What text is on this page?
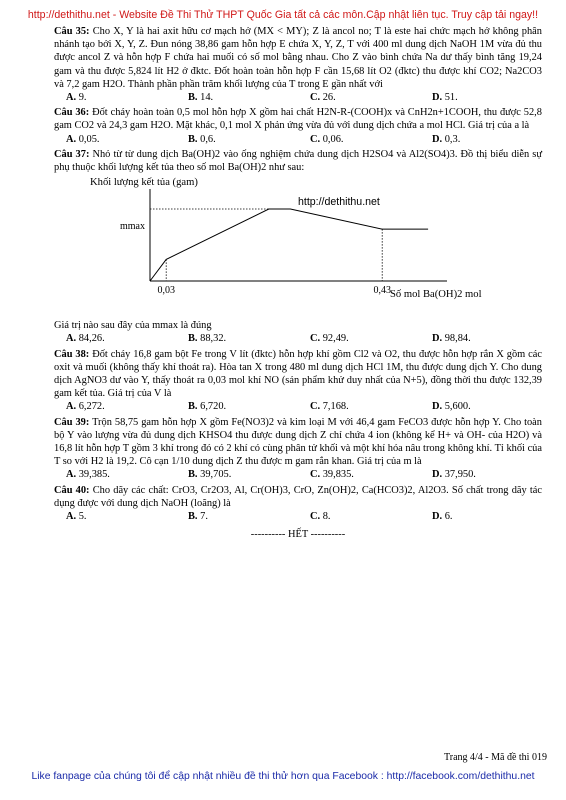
http://dethithu.net - Website Đề Thi Thử THPT Quốc Gia tất cả các môn.Cập nhật liên tục. Truy cập tải ngay!!

Câu 35: Cho X, Y là hai axit hữu cơ mạch hở (MX < MY); Z là ancol no; T là este hai chức mạch hở không phân nhánh tạo bởi X, Y, Z. Đun nóng 38,86 gam hỗn hợp E chứa X, Y, Z, T với 400 ml dung dịch NaOH 1M vừa đủ thu được ancol Z và hỗn hợp F chứa hai muối có số mol bằng nhau. Cho Z vào bình chứa Na dư thấy bình tăng 19,24 gam và thu được 5,824 lít H2 ở đktc. Đốt hoàn toàn hỗn hợp F cần 15,68 lít O2 (đktc) thu được khí CO2; Na2CO3 và 7,2 gam H2O. Thành phần phần trăm khối lượng của T trong E gần nhất với

A. 9.	B. 14.	C. 26.	D. 51.

Câu 36: Đốt cháy hoàn toàn 0,5 mol hỗn hợp X gồm hai chất H2N-R-(COOH)x và CnH2n+1COOH, thu được 52,8 gam CO2 và 24,3 gam H2O. Mặt khác, 0,1 mol X phản ứng vừa đủ với dung dịch chứa a mol HCl. Giá trị của a là

A. 0,05.	B. 0,6.	C. 0,06.	D. 0,3.

Câu 37: Nhỏ từ từ dung dịch Ba(OH)2 vào ống nghiệm chứa dung dịch H2SO4 và Al2(SO4)3. Đồ thị biểu diễn sự phụ thuộc khối lượng kết tủa theo số mol Ba(OH)2 như sau:

Khối lượng kết tủa (gam)
http://dethithu.net
mmax
0,03	0,43 Số mol Ba(OH)2 mol

Giá trị nào sau đây của mmax là đúng

A. 84,26.	B. 88,32.	C. 92,49.	D. 98,84.

Câu 38: Đốt cháy 16,8 gam bột Fe trong V lít (đktc) hỗn hợp khí gồm Cl2 và O2, thu được hỗn hợp rắn X gồm các oxit và muối (không thấy khí thoát ra). Hòa tan X trong 480 ml dung dịch HCl 1M, thu được dung dịch Y. Cho dung dịch AgNO3 dư vào Y, thấy thoát ra 0,03 mol khí NO (sản phẩm khử duy nhất của N+5), đồng thời thu được 132,39 gam kết tủa. Giá trị của V là

A. 6,272.	B. 6,720.	C. 7,168.	D. 5,600.

Câu 39: Trộn 58,75 gam hỗn hợp X gồm Fe(NO3)2 và kim loại M với 46,4 gam FeCO3 được hỗn hợp Y. Cho toàn bộ Y vào lượng vừa đủ dung dịch KHSO4 thu được dung dịch Z chỉ chứa 4 ion (không kể H+ và OH- của H2O) và 16,8 lít hỗn hợp T gồm 3 khí trong đó có 2 khí có cùng phân tử khối và một khí hóa nâu trong không khí. Tỉ khối của T so với H2 là 19,2. Cô cạn 1/10 dung dịch Z thu được m gam rắn khan. Giá trị của m là

A. 39,385.	B. 39,705.	C. 39,835.	D. 37,950.

Câu 40: Cho dãy các chất: CrO3, Cr2O3, Al, Cr(OH)3, CrO, Zn(OH)2, Ca(HCO3)2, Al2O3. Số chất trong dãy tác dụng được với dung dịch NaOH (loãng) là

A. 5.	B. 7.	C. 8.	D. 6.
---------- HẾT ----------
Trang 4/4 - Mã đề thi 019
Like fanpage của chúng tôi để cập nhật nhiều đề thi thử hơn qua Facebook : http://facebook.com/dethithu.net
